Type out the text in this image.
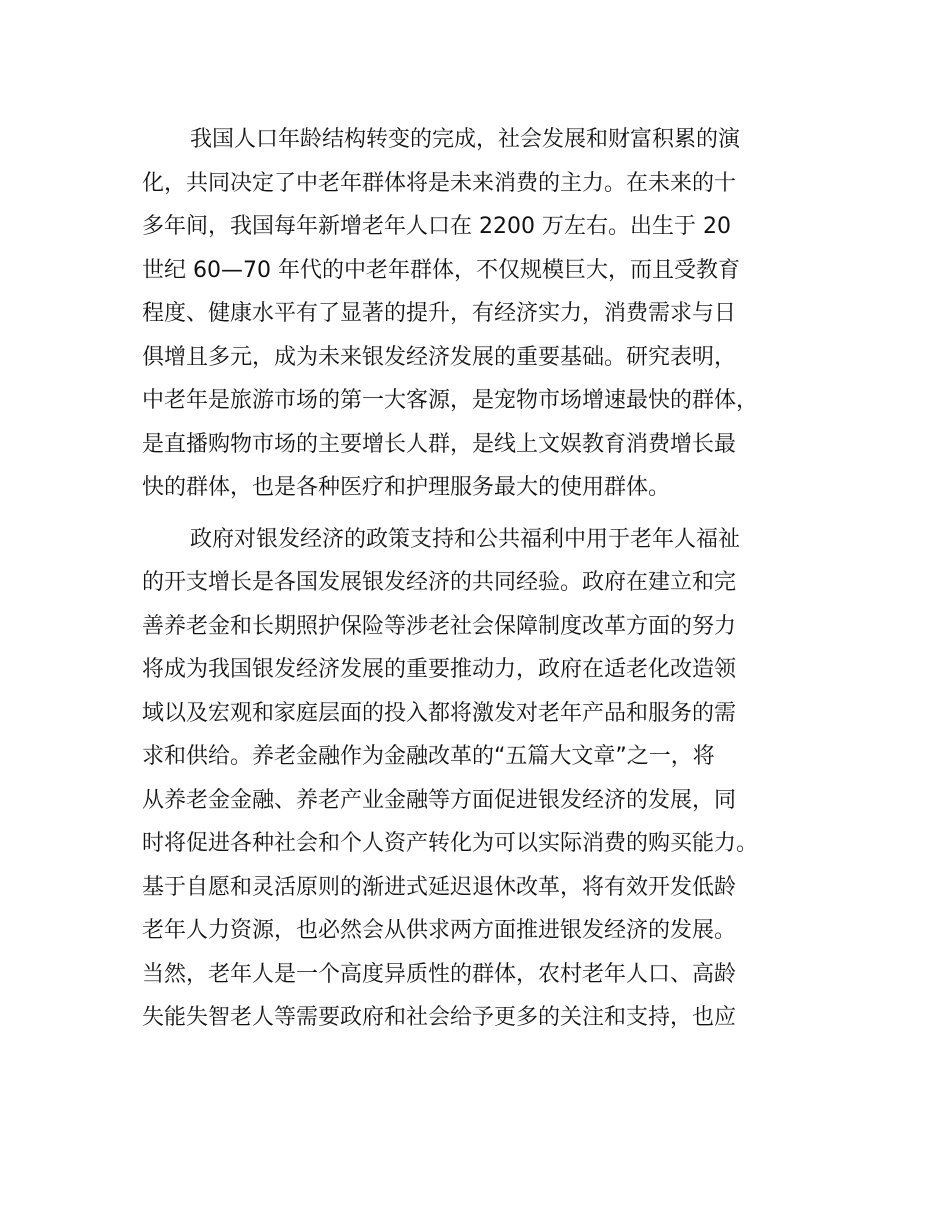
我国人口年龄结构转变的完成，社会发展和财富积累的演
化，共同决定了中老年群体将是未来消费的主力。在未来的十
多年间，我国每年新增老年人口在 2200 万左右。出生于 20
世纪 60—70 年代的中老年群体，不仅规模巨大，而且受教育
程度、健康水平有了显著的提升，有经济实力，消费需求与日
俱增且多元，成为未来银发经济发展的重要基础。研究表明，
中老年是旅游市场的第一大客源，是宠物市场增速最快的群体，
是直播购物市场的主要增长人群，是线上文娱教育消费增长最
快的群体，也是各种医疗和护理服务最大的使用群体。

政府对银发经济的政策支持和公共福利中用于老年人福祉
的开支增长是各国发展银发经济的共同经验。政府在建立和完
善养老金和长期照护保险等涉老社会保障制度改革方面的努力
将成为我国银发经济发展的重要推动力，政府在适老化改造领
域以及宏观和家庭层面的投入都将激发对老年产品和服务的需
求和供给。养老金融作为金融改革的“五篇大文章”之一，将
从养老金金融、养老产业金融等方面促进银发经济的发展，同
时将促进各种社会和个人资产转化为可以实际消费的购买能力。
基于自愿和灵活原则的渐进式延迟退休改革，将有效开发低龄
老年人力资源，也必然会从供求两方面推进银发经济的发展。
当然，老年人是一个高度异质性的群体，农村老年人口、高龄
失能失智老人等需要政府和社会给予更多的关注和支持，也应
